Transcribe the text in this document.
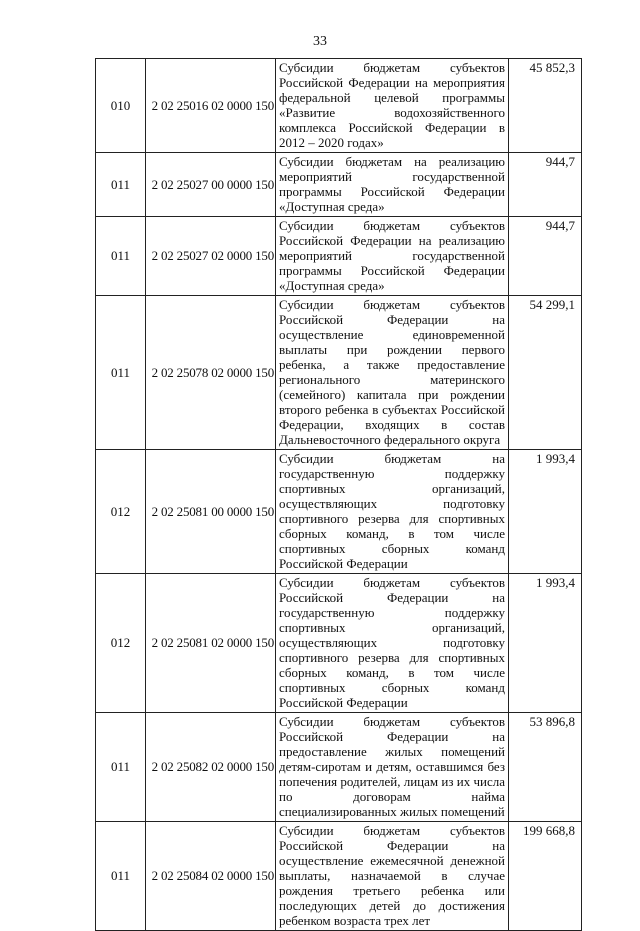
33
010	2 02 25016 02 0000 150	Субсидии бюджетам субъектов Российской Федерации на мероприятия федеральной целевой программы «Развитие водохозяйственного комплекса Российской Федерации в 2012 – 2020 годах»	45 852,3
011	2 02 25027 00 0000 150	Субсидии бюджетам на реализацию мероприятий государственной программы Российской Федерации «Доступная среда»	944,7
011	2 02 25027 02 0000 150	Субсидии бюджетам субъектов Российской Федерации на реализацию мероприятий государственной программы Российской Федерации «Доступная среда»	944,7
011	2 02 25078 02 0000 150	Субсидии бюджетам субъектов Российской Федерации на осуществление единовременной выплаты при рождении первого ребенка, а также предоставление регионального материнского (семейного) капитала при рождении второго ребенка в субъектах Российской Федерации, входящих в состав Дальневосточного федерального округа	54 299,1
012	2 02 25081 00 0000 150	Субсидии бюджетам на государственную поддержку спортивных организаций, осуществляющих подготовку спортивного резерва для спортивных сборных команд, в том числе спортивных сборных команд Российской Федерации	1 993,4
012	2 02 25081 02 0000 150	Субсидии бюджетам субъектов Российской Федерации на государственную поддержку спортивных организаций, осуществляющих подготовку спортивного резерва для спортивных сборных команд, в том числе спортивных сборных команд Российской Федерации	1 993,4
011	2 02 25082 02 0000 150	Субсидии бюджетам субъектов Российской Федерации на предоставление жилых помещений детям-сиротам и детям, оставшимся без попечения родителей, лицам из их числа по договорам найма специализированных жилых помещений	53 896,8
011	2 02 25084 02 0000 150	Субсидии бюджетам субъектов Российской Федерации на осуществление ежемесячной денежной выплаты, назначаемой в случае рождения третьего ребенка или последующих детей до достижения ребенком возраста трех лет	199 668,8
